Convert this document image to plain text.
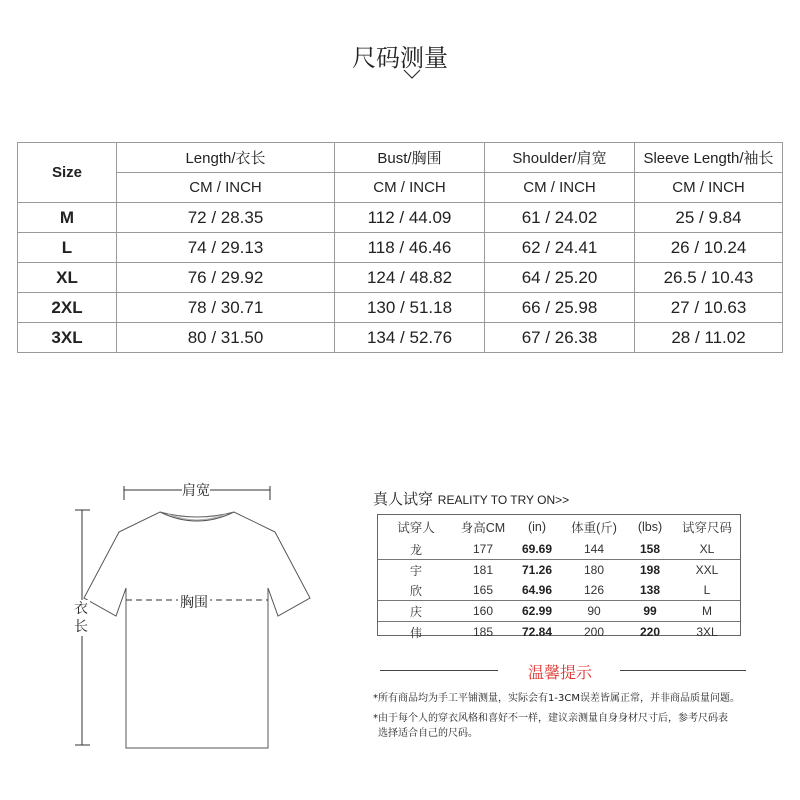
尺码测量
Size	Length/衣长	Bust/胸围	Shoulder/肩宽	Sleeve Length/袖长
	CM / INCH	CM / INCH	CM / INCH	CM / INCH
M	72 / 28.35	112 / 44.09	61 / 24.02	25 / 9.84
L	74 / 29.13	118 / 46.46	62 / 24.41	26 / 10.24
XL	76 / 29.92	124 / 48.82	64 / 25.20	26.5 / 10.43
2XL	78 / 30.71	130 / 51.18	66 / 25.98	27 / 10.63
3XL	80 / 31.50	134 / 52.76	67 / 26.38	28 / 11.02
肩宽
胸围
衣
长
真人试穿 REALITY TO TRY ON>>
试穿人	身高CM	(in)	体重(斤)	(lbs)	试穿尺码
龙	177	69.69	144	158	XL
宇	181	71.26	180	198	XXL
欣	165	64.96	126	138	L
庆	160	62.99	90	99	M
伟	185	72.84	200	220	3XL
温馨提示
*所有商品均为手工平铺测量，实际会有1-3CM误差皆属正常，并非商品质量问题。
*由于每个人的穿衣风格和喜好不一样，建议亲测量自身身材尺寸后，参考尺码表
选择适合自己的尺码。
